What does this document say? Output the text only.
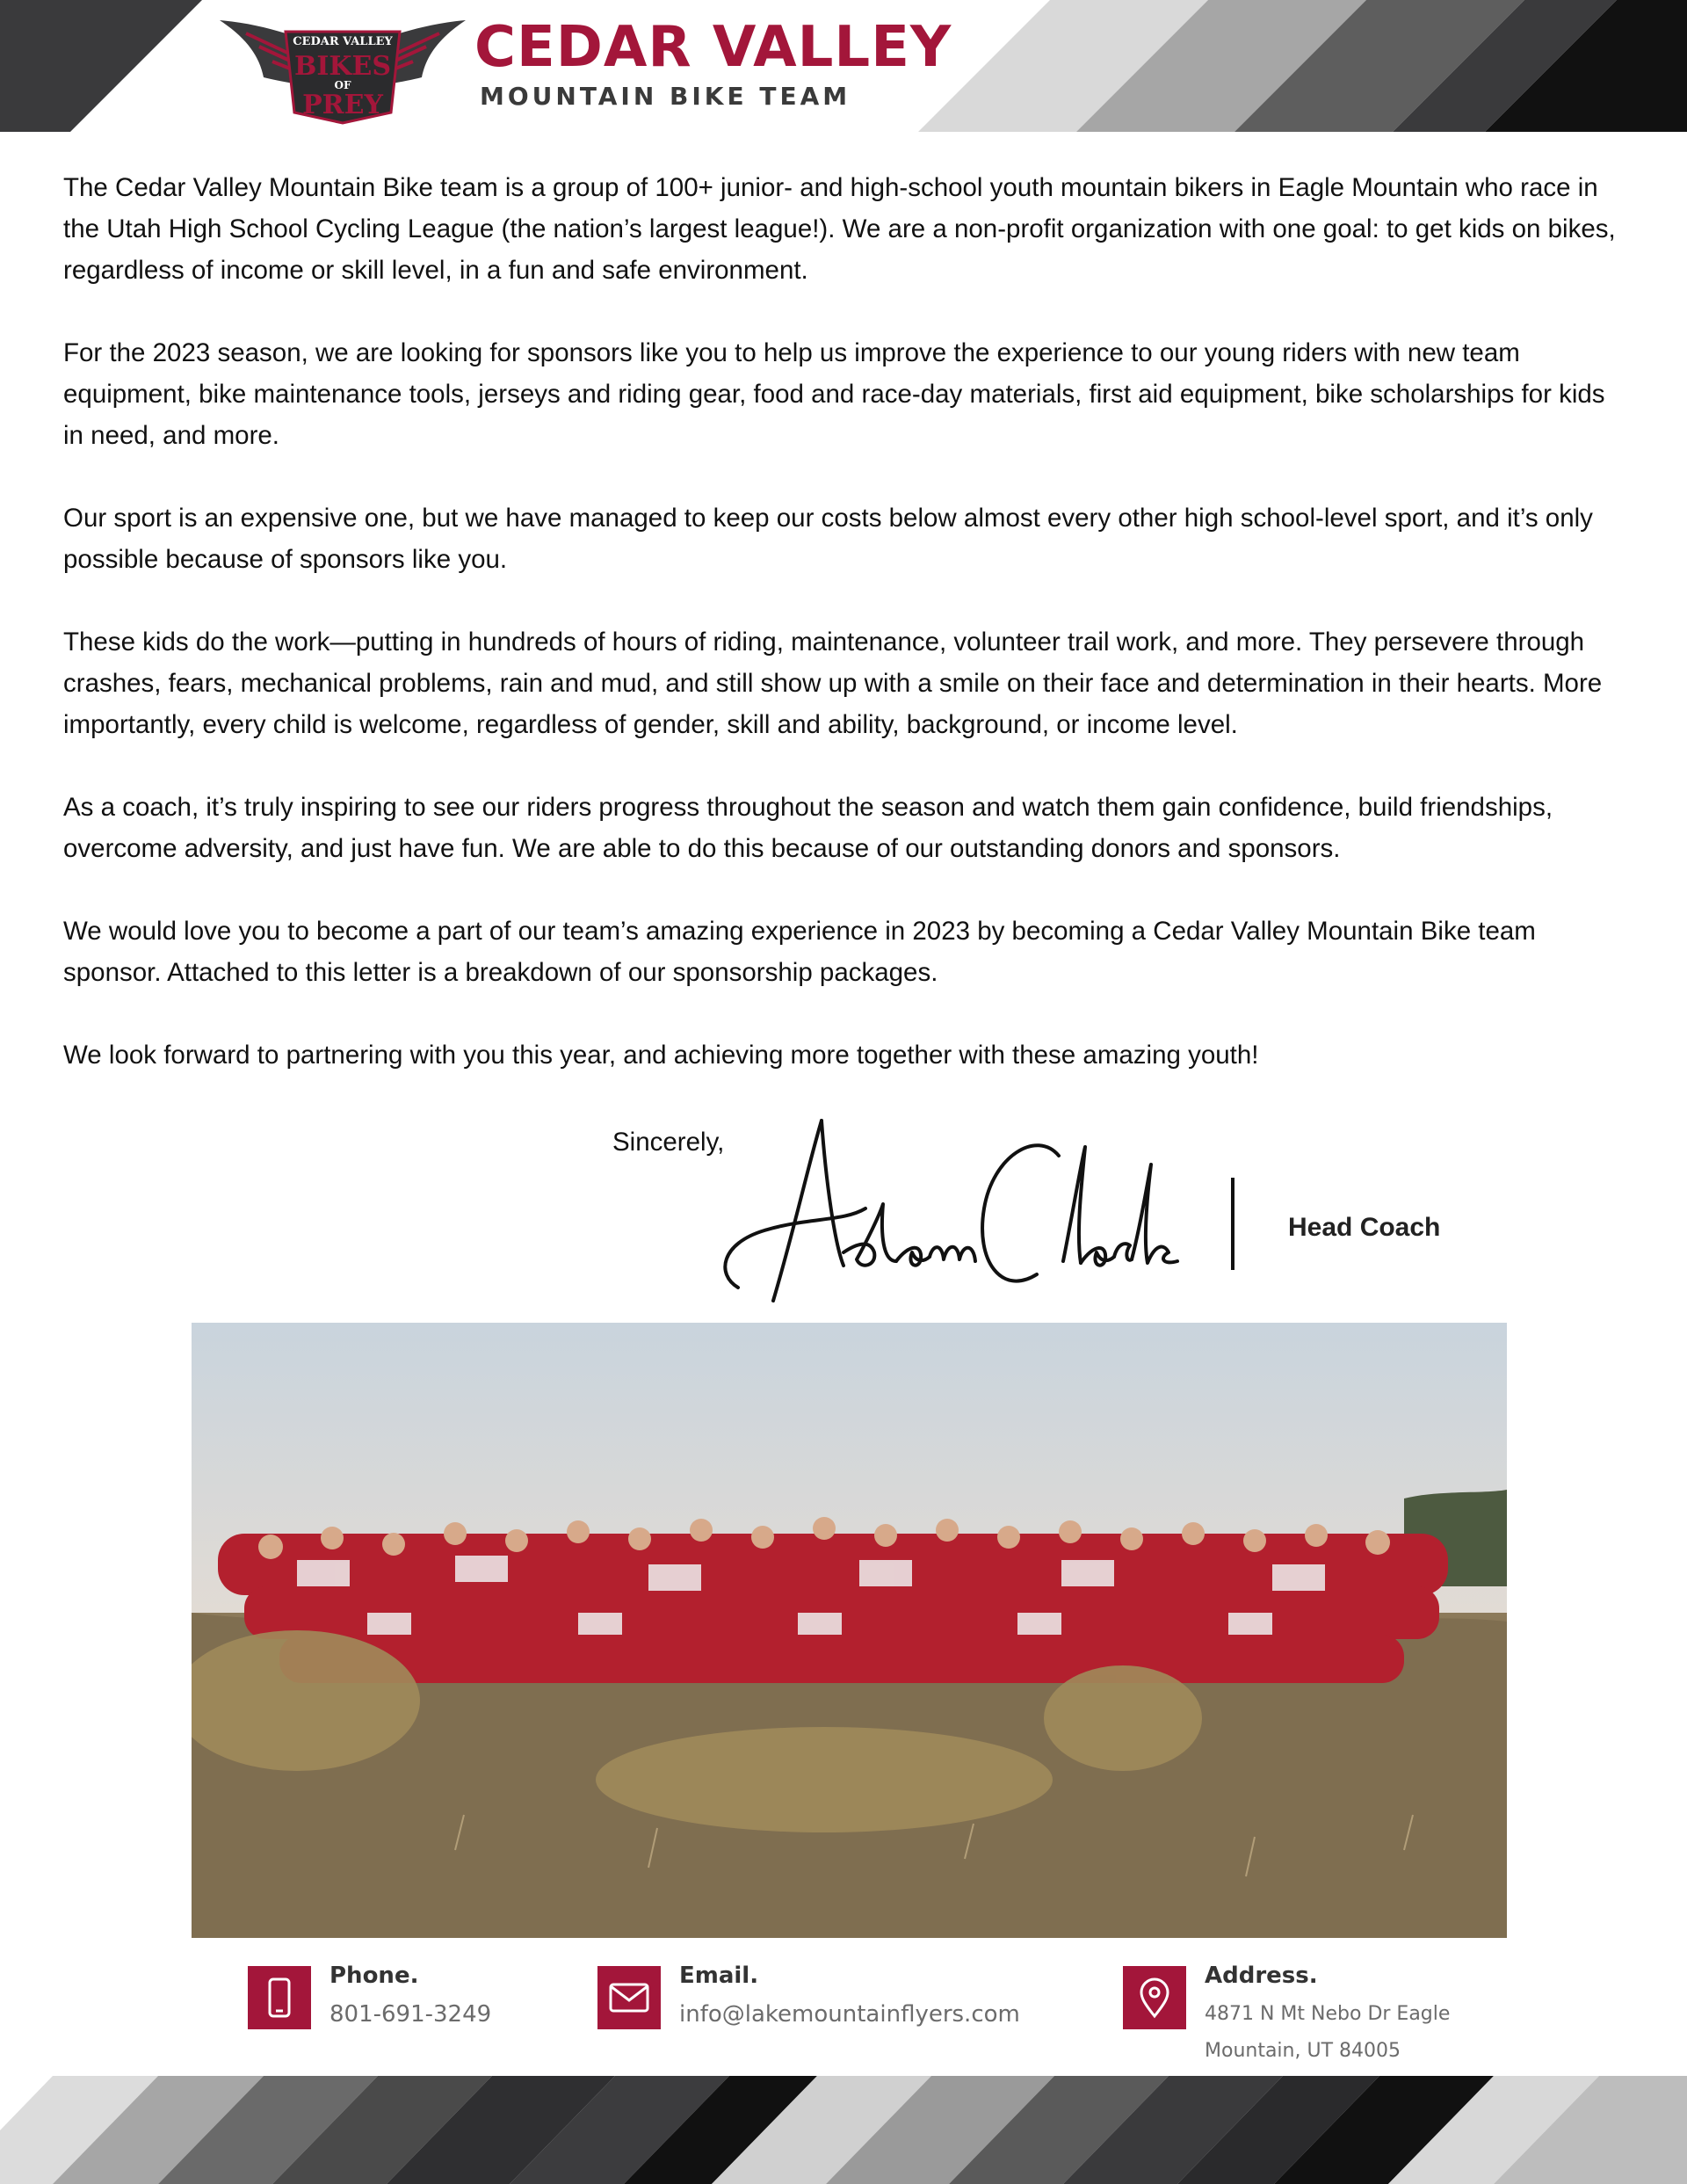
CEDAR VALLEY
BIKES
OF
PREY
CEDAR VALLEY
MOUNTAIN BIKE TEAM

The Cedar Valley Mountain Bike team is a group of 100+ junior- and high-school youth mountain bikers in Eagle Mountain who race in the Utah High School Cycling League (the nation’s largest league!). We are a non-profit organization with one goal: to get kids on bikes, regardless of income or skill level, in a fun and safe environment.

For the 2023 season, we are looking for sponsors like you to help us improve the experience to our young riders with new team equipment, bike maintenance tools, jerseys and riding gear, food and race-day materials, first aid equipment, bike scholarships for kids in need, and more.

Our sport is an expensive one, but we have managed to keep our costs below almost every other high school-level sport, and it’s only possible because of sponsors like you.

These kids do the work—putting in hundreds of hours of riding, maintenance, volunteer trail work, and more. They persevere through crashes, fears, mechanical problems, rain and mud, and still show up with a smile on their face and determination in their hearts. More importantly, every child is welcome, regardless of gender, skill and ability, background, or income level.

As a coach, it’s truly inspiring to see our riders progress throughout the season and watch them gain confidence, build friendships, overcome adversity, and just have fun. We are able to do this because of our outstanding donors and sponsors.

We would love you to become a part of our team’s amazing experience in 2023 by becoming a Cedar Valley Mountain Bike team sponsor. Attached to this letter is a breakdown of our sponsorship packages.

We look forward to partnering with you this year, and achieving more together with these amazing youth!

Sincerely,
Head Coach
Phone.
801-691-3249
Email.
info@lakemountainflyers.com
Address.
4871 N Mt Nebo Dr Eagle Mountain, UT 84005
